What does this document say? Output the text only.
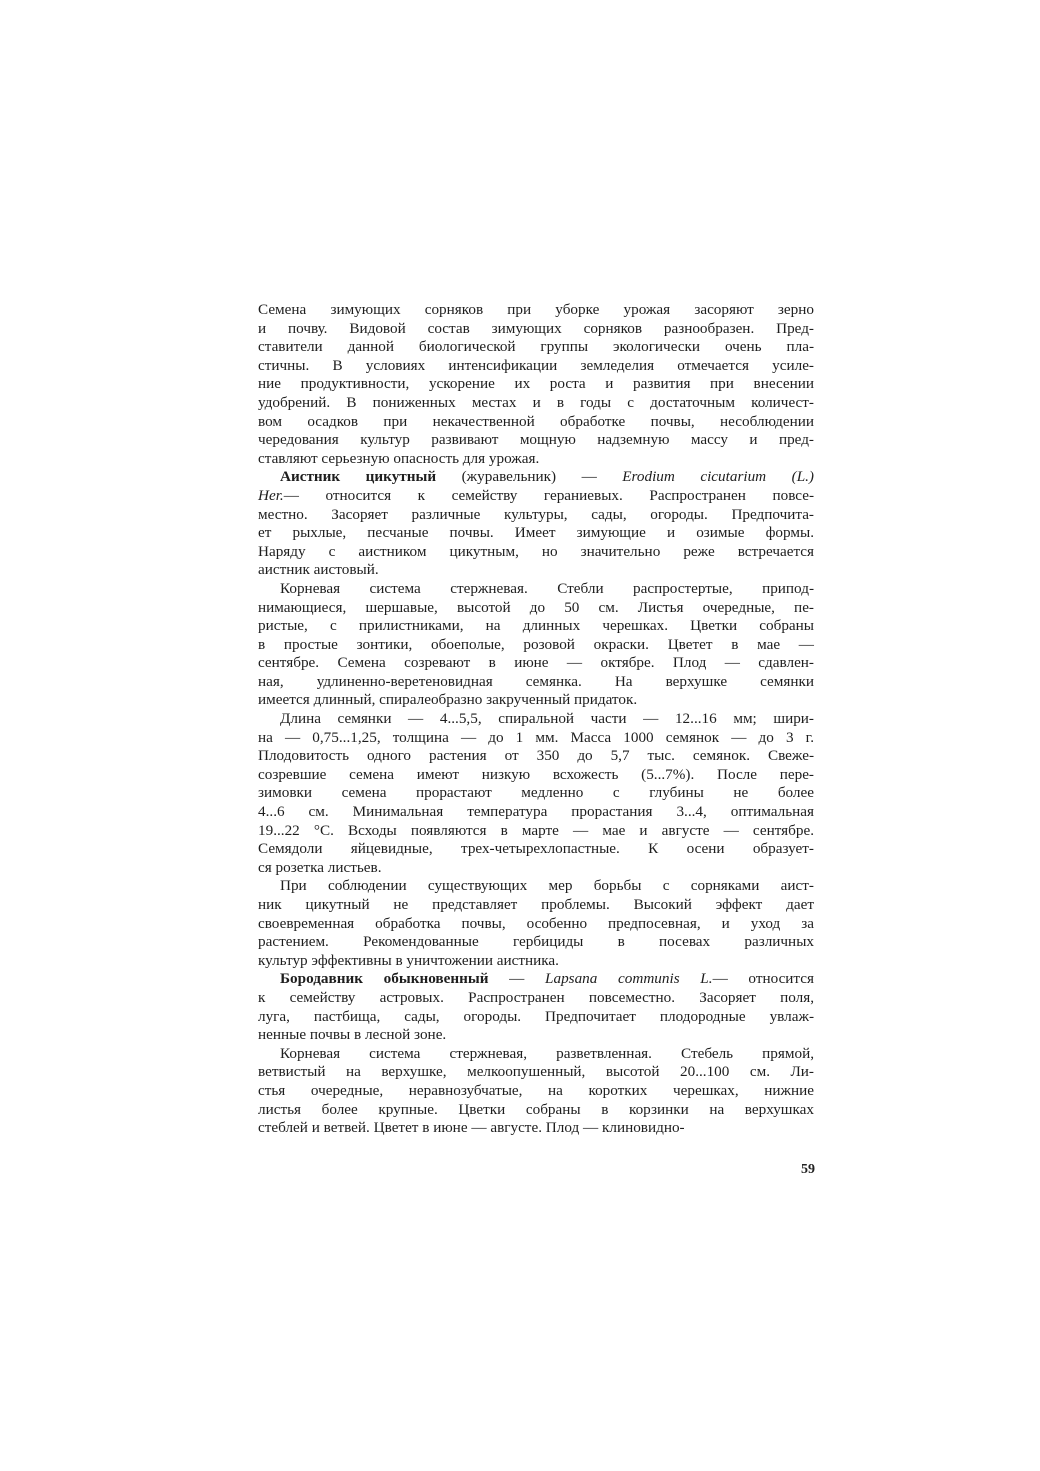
Семена зимующих сорняков при уборке урожая засоряют зерно
и почву. Видовой состав зимующих сорняков разнообразен. Пред-
ставители данной биологической группы экологически очень пла-
стичны. В условиях интенсификации земледелия отмечается усиле-
ние продуктивности, ускорение их роста и развития при внесении
удобрений. В пониженных местах и в годы с достаточным количест-
вом осадков при некачественной обработке почвы, несоблюдении
чередования культур развивают мощную надземную массу и пред-
ставляют серьезную опасность для урожая.
Аистник цикутный (журавельник) — Erodium cicutarium (L.)
Her.— относится к семейству гераниевых. Распространен повсе-
местно. Засоряет различные культуры, сады, огороды. Предпочита-
ет рыхлые, песчаные почвы. Имеет зимующие и озимые формы.
Наряду с аистником цикутным, но значительно реже встречается
аистник аистовый.
Корневая система стержневая. Стебли распростертые, припод-
нимающиеся, шершавые, высотой до 50 см. Листья очередные, пе-
ристые, с прилистниками, на длинных черешках. Цветки собраны
в простые зонтики, обоеполые, розовой окраски. Цветет в мае —
сентябре. Семена созревают в июне — октябре. Плод — сдавлен-
ная, удлиненно-веретеновидная семянка. На верхушке семянки
имеется длинный, спиралеобразно закрученный придаток.
Длина семянки — 4...5,5, спиральной части — 12...16 мм; шири-
на — 0,75...1,25, толщина — до 1 мм. Масса 1000 семянок — до 3 г.
Плодовитость одного растения от 350 до 5,7 тыс. семянок. Свеже-
созревшие семена имеют низкую всхожесть (5...7%). После пере-
зимовки семена прорастают медленно с глубины не более
4...6 см. Минимальная температура прорастания 3...4, оптимальная
19...22 °С. Всходы появляются в марте — мае и августе — сентябре.
Семядоли яйцевидные, трех-четырехлопастные. К осени образует-
ся розетка листьев.
При соблюдении существующих мер борьбы с сорняками аист-
ник цикутный не представляет проблемы. Высокий эффект дает
своевременная обработка почвы, особенно предпосевная, и уход за
растением. Рекомендованные гербициды в посевах различных
культур эффективны в уничтожении аистника.
Бородавник обыкновенный — Lapsana communis L.— относится
к семейству астровых. Распространен повсеместно. Засоряет поля,
луга, пастбища, сады, огороды. Предпочитает плодородные увлаж-
ненные почвы в лесной зоне.
Корневая система стержневая, разветвленная. Стебель прямой,
ветвистый на верхушке, мелкоопушенный, высотой 20...100 см. Ли-
стья очередные, неравнозубчатые, на коротких черешках, нижние
листья более крупные. Цветки собраны в корзинки на верхушках
стеблей и ветвей. Цветет в июне — августе. Плод — клиновидно-
59
